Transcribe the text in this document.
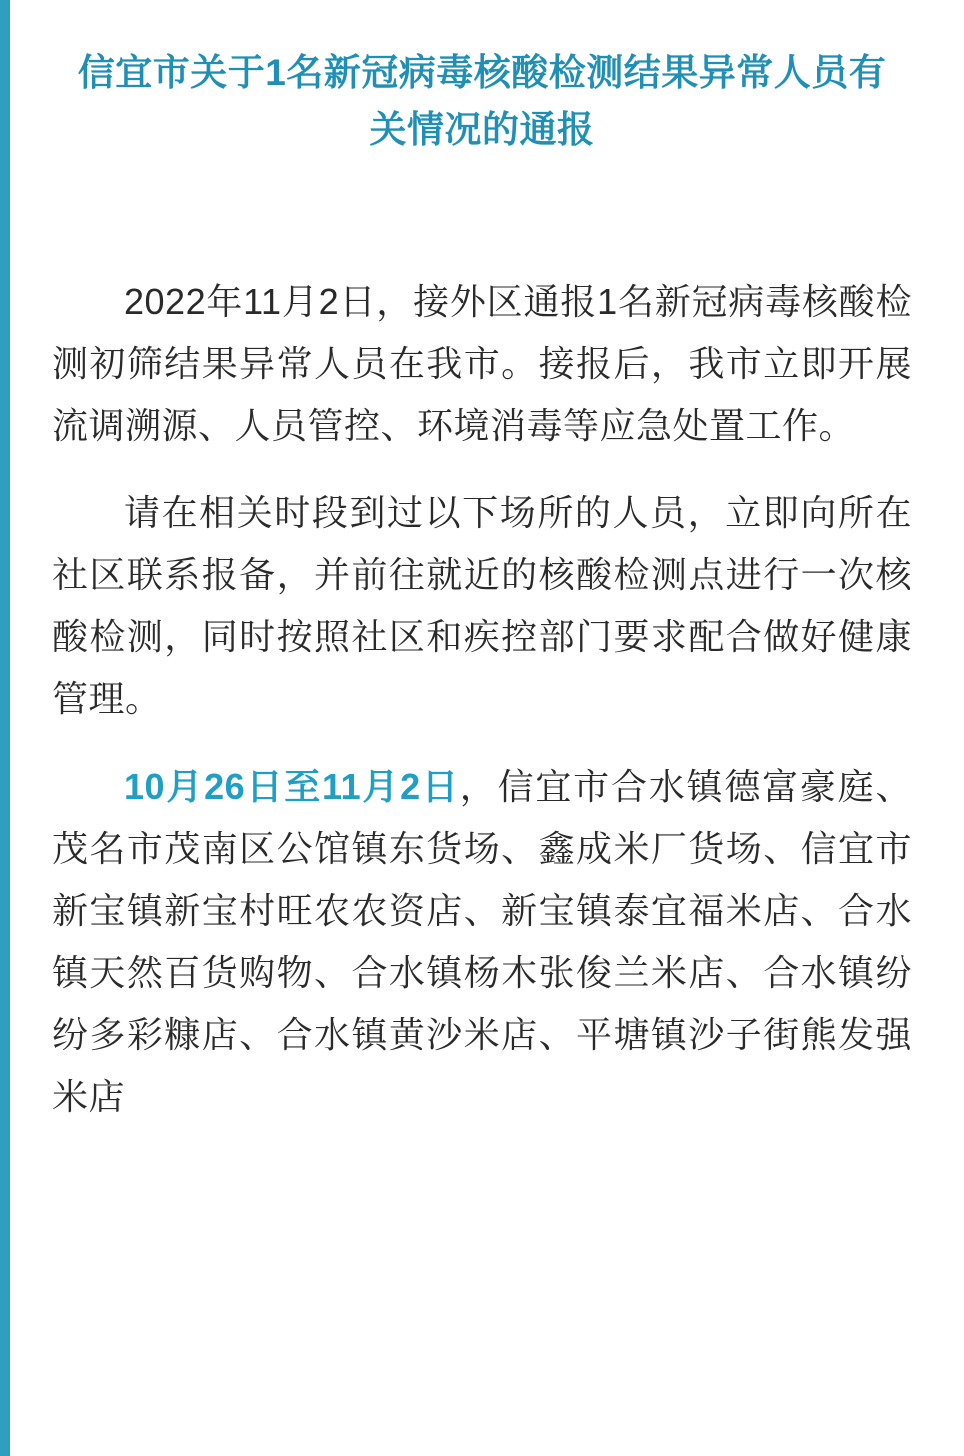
信宜市关于1名新冠病毒核酸检测结果异常人员有关情况的通报

2022年11月2日，接外区通报1名新冠病毒核酸检测初筛结果异常人员在我市。接报后，我市立即开展流调溯源、人员管控、环境消毒等应急处置工作。

请在相关时段到过以下场所的人员，立即向所在社区联系报备，并前往就近的核酸检测点进行一次核酸检测，同时按照社区和疾控部门要求配合做好健康管理。

10月26日至11月2日，信宜市合水镇德富豪庭、茂名市茂南区公馆镇东货场、鑫成米厂货场、信宜市新宝镇新宝村旺农农资店、新宝镇泰宜福米店、合水镇天然百货购物、合水镇杨木张俊兰米店、合水镇纷纷多彩糠店、合水镇黄沙米店、平塘镇沙子街熊发强米店
